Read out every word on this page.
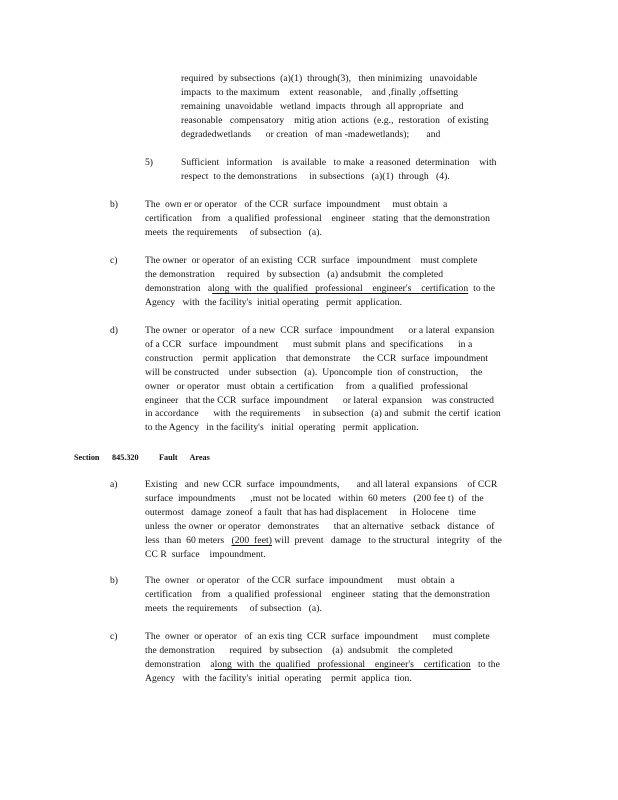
required  by subsections  (a)(1)  through(3),   then minimizing   unavoidable
impacts  to the maximum    extent  reasonable,    and ,finally ,offsetting
remaining  unavoidable   wetland  impacts  through  all appropriate   and
reasonable   compensatory    mitig ation  actions  (e.g.,  restoration   of existing
degradedwetlands      or creation   of man -madewetlands);       and
5)	Sufficient   information    is available   to make  a reasoned  determination    with
respect  to the demonstrations     in subsections   (a)(1)  through   (4).
b)	The  own er or operator   of the CCR  surface  impoundment     must obtain  a
certification    from   a qualified  professional    engineer   stating  that the demonstration
meets  the requirements     of subsection   (a).
c)	The owner  or operator  of an existing  CCR  surface   impoundment    must complete
the demonstration     required   by subsection   (a) andsubmit   the completed
demonstration   along  with  the  qualified   professional    engineer's    certification  to the
Agency   with  the facility's  initial operating   permit  application.
d)	The owner  or operator   of a new  CCR  surface   impoundment      or a lateral  expansion
of a CCR   surface   impoundment      must submit  plans  and  specifications      in a
construction    permit  application    that demonstrate     the CCR  surface  impoundment
will be constructed    under  subsection   (a).  Uponcomple  tion  of construction,     the
owner   or operator   must  obtain  a certification     from   a qualified   professional
engineer   that the CCR  surface  impoundment      or lateral  expansion    was constructed
in accordance      with  the requirements     in subsection   (a) and  submit  the certif  ication
to the Agency   in the facility's   initial  operating   permit  application.
Section 845.320 Fault      Areas
a)	Existing   and  new CCR  surface  impoundments,       and all lateral  expansions    of CCR
surface  impoundments      ,must  not be located   within  60 meters   (200 fee t)  of  the
outermost   damage  zoneof  a fault  that has had displacement     in  Holocene    time
unless  the owner  or operator   demonstrates      that an alternative   setback   distance   of
less  than  60 meters   (200  feet) will  prevent   damage   to the structural   integrity   of  the
CC R  surface    impoundment.
b)	The  owner   or operator   of the CCR  surface  impoundment      must  obtain  a
certification    from   a qualified  professional    engineer   stating  that the demonstration
meets  the requirements     of subsection   (a).
c)	The  owner  or operator   of  an exis ting  CCR  surface  impoundment      must complete
the demonstration      required   by subsection    (a)  andsubmit    the completed
demonstration    along  with  the  qualified   professional    engineer's    certification   to the
Agency   with  the facility's  initial  operating    permit  applica  tion.
